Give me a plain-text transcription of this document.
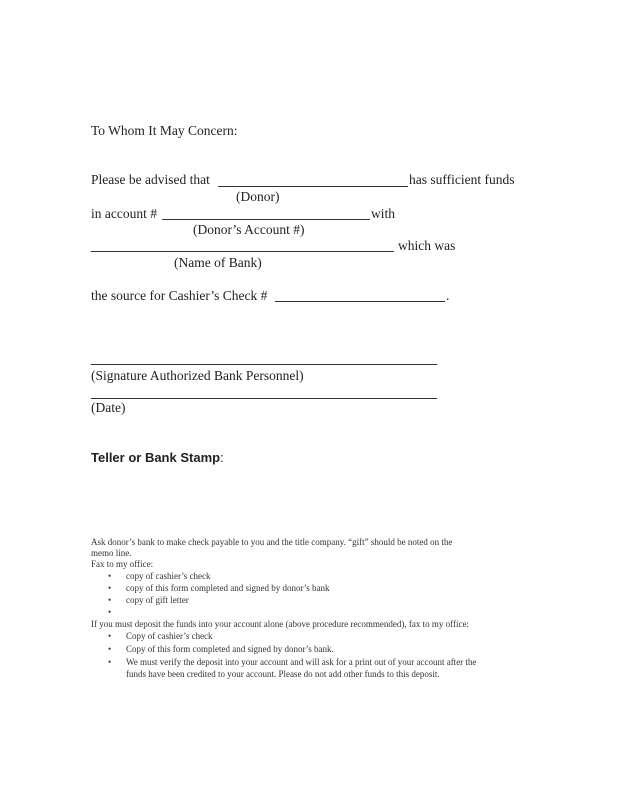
To Whom It May Concern:
Please be advised that	has sufficient funds
(Donor)
in account #	with
(Donor’s Account #)
which was
(Name of Bank)
the source for Cashier’s Check #	.
(Signature Authorized Bank Personnel)
(Date)
Teller or Bank Stamp:
Ask donor’s bank to make check payable to you and the title company. “gift” should be noted on the
memo line.
Fax to my office:
• copy of cashier’s check
• copy of this form completed and signed by donor’s bank
• copy of gift letter
•
If you must deposit the funds into your account alone (above procedure recommended), fax to my office:
• Copy of cashier’s check
• Copy of this form completed and signed by donor’s bank.
• We must verify the deposit into your account and will ask for a print out of your account after the
funds have been credited to your account. Please do not add other funds to this deposit.
